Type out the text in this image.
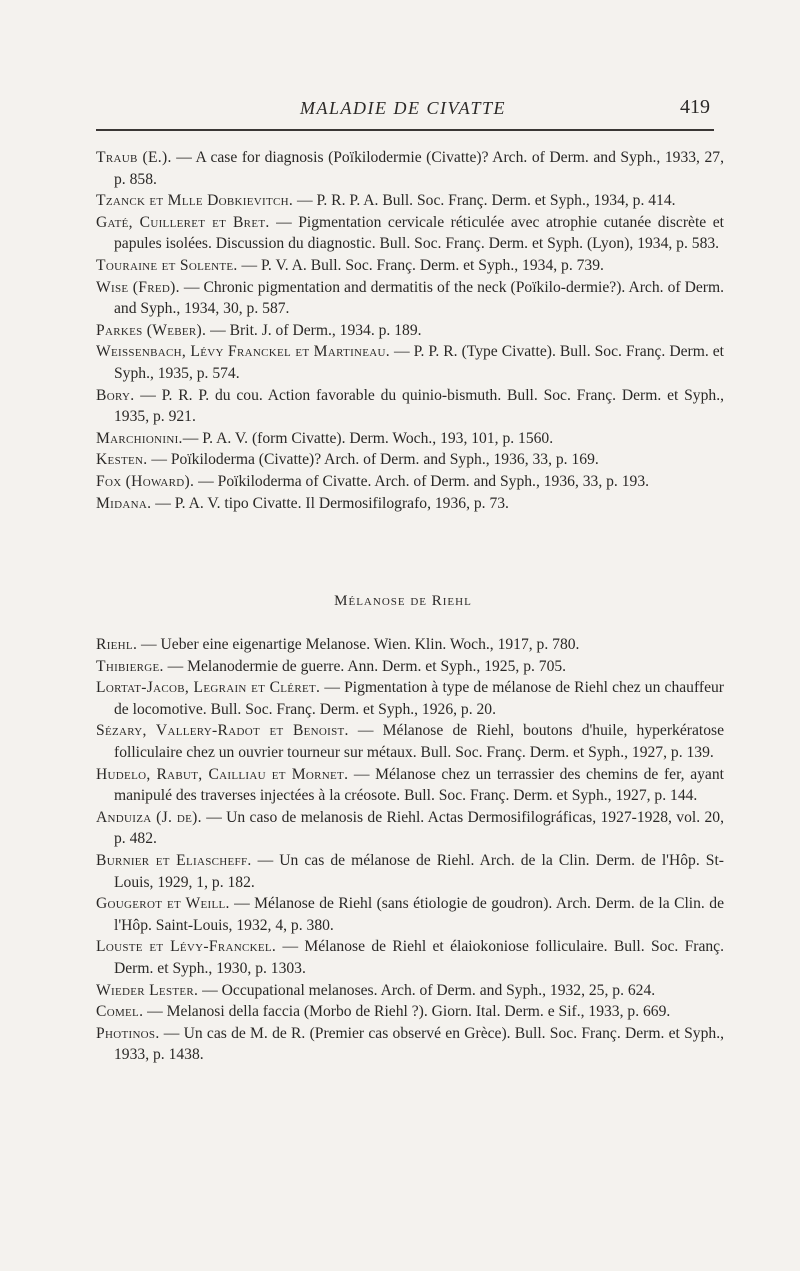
MALADIE DE CIVATTE	419

Traub (E.). — A case for diagnosis (Poïkilodermie (Civatte)? Arch. of Derm. and Syph., 1933, 27, p. 858.

Tzanck et Mlle Dobkievitch. — P. R. P. A. Bull. Soc. Franç. Derm. et Syph., 1934, p. 414.

Gaté, Cuilleret et Bret. — Pigmentation cervicale réticulée avec atrophie cutanée discrète et papules isolées. Discussion du diagnostic. Bull. Soc. Franç. Derm. et Syph. (Lyon), 1934, p. 583.

Touraine et Solente. — P. V. A. Bull. Soc. Franç. Derm. et Syph., 1934, p. 739.

Wise (Fred). — Chronic pigmentation and dermatitis of the neck (Poïkilo-dermie?). Arch. of Derm. and Syph., 1934, 30, p. 587.

Parkes (Weber). — Brit. J. of Derm., 1934. p. 189.

Weissenbach, Lévy Franckel et Martineau. — P. P. R. (Type Civatte). Bull. Soc. Franç. Derm. et Syph., 1935, p. 574.

Bory. — P. R. P. du cou. Action favorable du quinio-bismuth. Bull. Soc. Franç. Derm. et Syph., 1935, p. 921.

Marchionini.— P. A. V. (form Civatte). Derm. Woch., 193, 101, p. 1560.

Kesten. — Poïkiloderma (Civatte)? Arch. of Derm. and Syph., 1936, 33, p. 169.

Fox (Howard). — Poïkiloderma of Civatte. Arch. of Derm. and Syph., 1936, 33, p. 193.

Midana. — P. A. V. tipo Civatte. Il Dermosifilografo, 1936, p. 73.

Mélanose de Riehl

Riehl. — Ueber eine eigenartige Melanose. Wien. Klin. Woch., 1917, p. 780.

Thibierge. — Melanodermie de guerre. Ann. Derm. et Syph., 1925, p. 705.

Lortat-Jacob, Legrain et Cléret. — Pigmentation à type de mélanose de Riehl chez un chauffeur de locomotive. Bull. Soc. Franç. Derm. et Syph., 1926, p. 20.

Sézary, Vallery-Radot et Benoist. — Mélanose de Riehl, boutons d'huile, hyperkératose folliculaire chez un ouvrier tourneur sur métaux. Bull. Soc. Franç. Derm. et Syph., 1927, p. 139.

Hudelo, Rabut, Cailliau et Mornet. — Mélanose chez un terrassier des chemins de fer, ayant manipulé des traverses injectées à la créosote. Bull. Soc. Franç. Derm. et Syph., 1927, p. 144.

Anduiza (J. de). — Un caso de melanosis de Riehl. Actas Dermosifilográficas, 1927-1928, vol. 20, p. 482.

Burnier et Eliascheff. — Un cas de mélanose de Riehl. Arch. de la Clin. Derm. de l'Hôp. St-Louis, 1929, 1, p. 182.

Gougerot et Weill. — Mélanose de Riehl (sans étiologie de goudron). Arch. Derm. de la Clin. de l'Hôp. Saint-Louis, 1932, 4, p. 380.

Louste et Lévy-Franckel. — Mélanose de Riehl et élaiokoniose folliculaire. Bull. Soc. Franç. Derm. et Syph., 1930, p. 1303.

Wieder Lester. — Occupational melanoses. Arch. of Derm. and Syph., 1932, 25, p. 624.

Comel. — Melanosi della faccia (Morbo de Riehl ?). Giorn. Ital. Derm. e Sif., 1933, p. 669.

Photinos. — Un cas de M. de R. (Premier cas observé en Grèce). Bull. Soc. Franç. Derm. et Syph., 1933, p. 1438.
